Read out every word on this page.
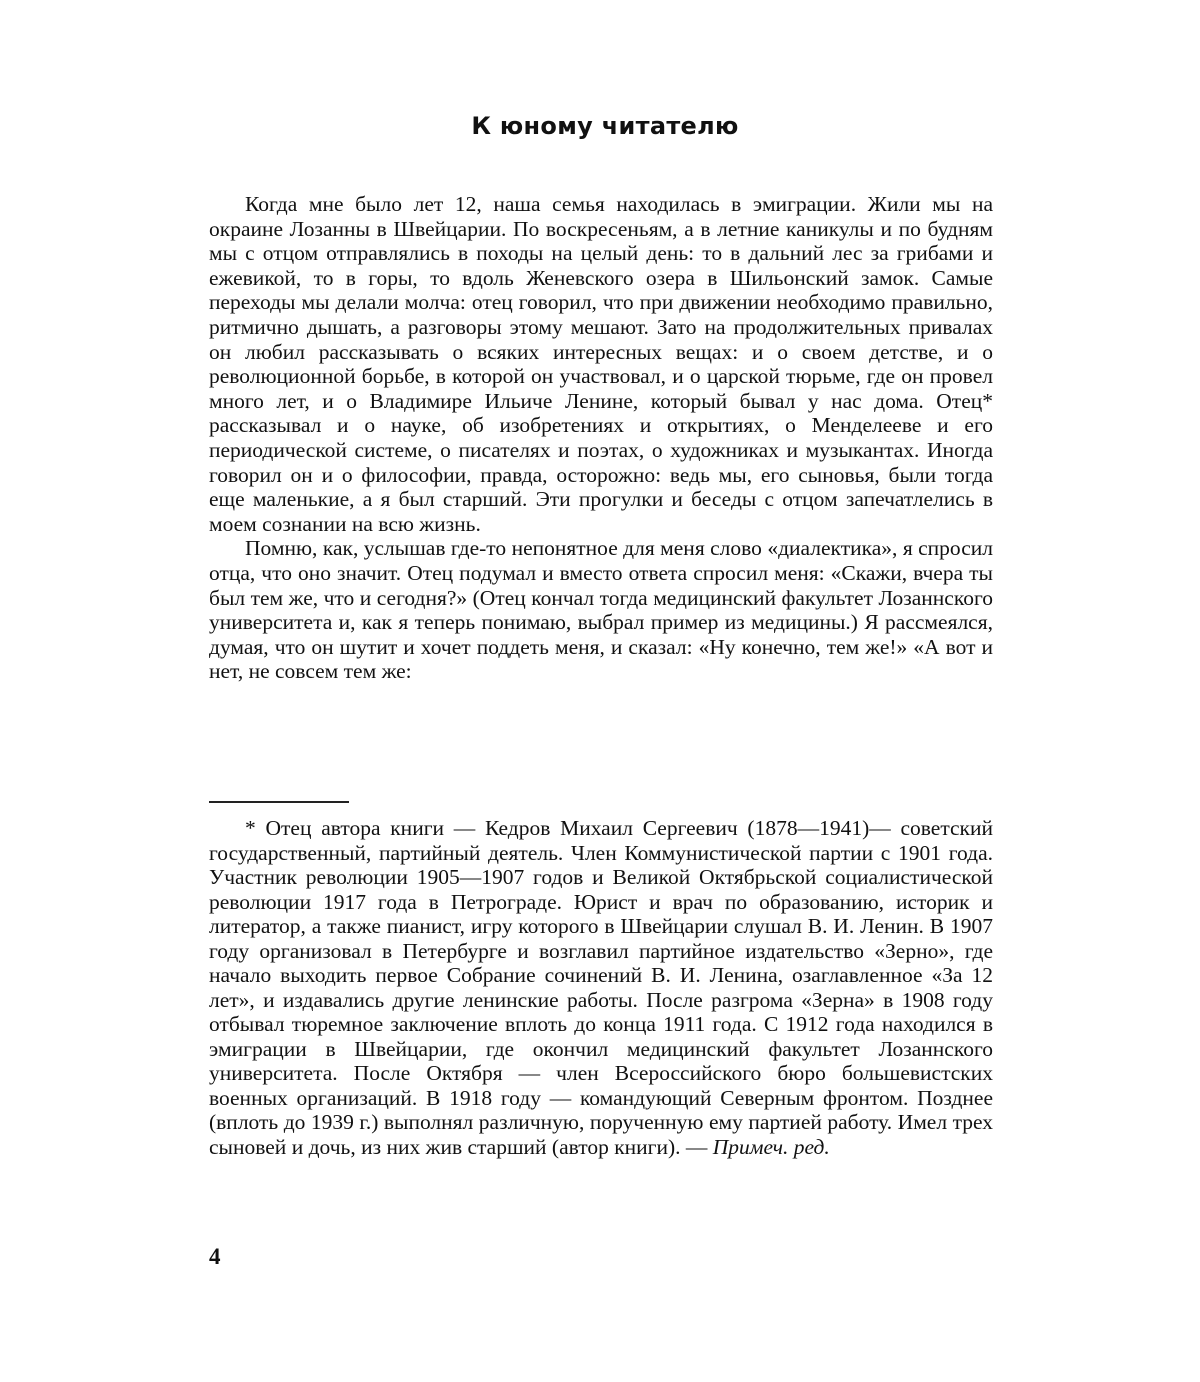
К юному читателю

Когда мне было лет 12, наша семья находилась в эмиграции. Жили мы на окраине Лозанны в Швейцарии. По воскресеньям, а в летние каникулы и по будням мы с отцом отправлялись в походы на целый день: то в дальний лес за грибами и ежевикой, то в горы, то вдоль Женевского озера в Шильонский замок. Самые переходы мы делали молча: отец говорил, что при движении необходимо правильно, ритмично дышать, а разговоры этому мешают. Зато на продолжительных привалах он любил рассказывать о всяких интересных вещах: и о своем детстве, и о революционной борьбе, в которой он участвовал, и о царской тюрьме, где он провел много лет, и о Владимире Ильиче Ленине, который бывал у нас дома. Отец* рассказывал и о науке, об изобретениях и открытиях, о Менделееве и его периодической системе, о писателях и поэтах, о художниках и музыкантах. Иногда говорил он и о философии, правда, осторожно: ведь мы, его сыновья, были тогда еще маленькие, а я был старший. Эти прогулки и беседы с отцом запечатлелись в моем сознании на всю жизнь.

Помню, как, услышав где-то непонятное для меня слово «диалектика», я спросил отца, что оно значит. Отец подумал и вместо ответа спросил меня: «Скажи, вчера ты был тем же, что и сегодня?» (Отец кончал тогда медицинский факультет Лозаннского университета и, как я теперь понимаю, выбрал пример из медицины.) Я рассмеялся, думая, что он шутит и хочет поддеть меня, и сказал: «Ну конечно, тем же!» «А вот и нет, не совсем тем же:

* Отец автора книги — Кедров Михаил Сергеевич (1878—1941)— советский государственный, партийный деятель. Член Коммунистической партии с 1901 года. Участник революции 1905—1907 годов и Великой Октябрьской социалистической революции 1917 года в Петрограде. Юрист и врач по образованию, историк и литератор, а также пианист, игру которого в Швейцарии слушал В. И. Ленин. В 1907 году организовал в Петербурге и возглавил партийное издательство «Зерно», где начало выходить первое Собрание сочинений В. И. Ленина, озаглавленное «За 12 лет», и издавались другие ленинские работы. После разгрома «Зерна» в 1908 году отбывал тюремное заключение вплоть до конца 1911 года. С 1912 года находился в эмиграции в Швейцарии, где окончил медицинский факультет Лозаннского университета. После Октября — член Всероссийского бюро большевистских военных организаций. В 1918 году — командующий Северным фронтом. Позднее (вплоть до 1939 г.) выполнял различную, порученную ему партией работу. Имел трех сыновей и дочь, из них жив старший (автор книги). — Примеч. ред.

4
